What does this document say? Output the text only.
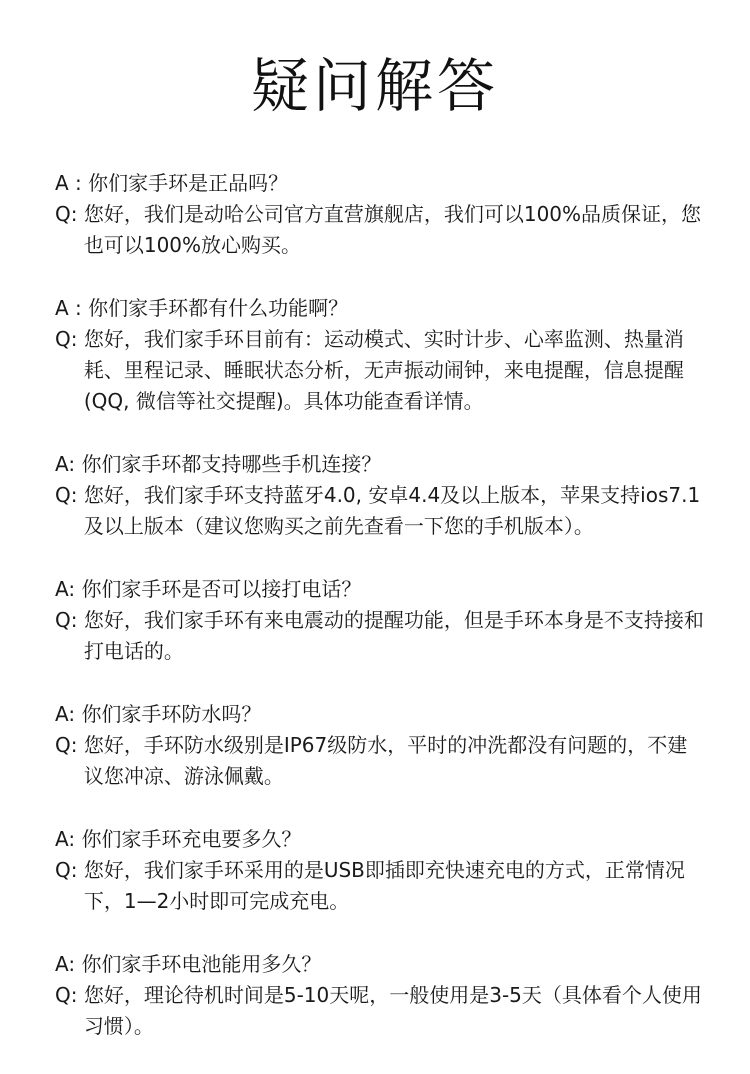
疑问解答
A : 你们家手环是正品吗？
Q: 您好，我们是动哈公司官方直营旗舰店，我们可以100%品质保证，您也可以100%放心购买。
A : 你们家手环都有什么功能啊？
Q: 您好，我们家手环目前有：运动模式、实时计步、心率监测、热量消耗、里程记录、睡眠状态分析，无声振动闹钟，来电提醒，信息提醒 (QQ, 微信等社交提醒)。具体功能查看详情。
A: 你们家手环都支持哪些手机连接？
Q: 您好，我们家手环支持蓝牙4.0, 安卓4.4及以上版本，苹果支持ios7.1及以上版本（建议您购买之前先查看一下您的手机版本）。
A: 你们家手环是否可以接打电话？
Q: 您好，我们家手环有来电震动的提醒功能，但是手环本身是不支持接和打电话的。
A: 你们家手环防水吗？
Q: 您好，手环防水级别是IP67级防水，平时的冲洗都没有问题的，不建议您冲凉、游泳佩戴。
A: 你们家手环充电要多久？
Q: 您好，我们家手环采用的是USB即插即充快速充电的方式，正常情况下，1—2小时即可完成充电。
A: 你们家手环电池能用多久？
Q: 您好，理论待机时间是5-10天呢，一般使用是3-5天（具体看个人使用习惯）。
